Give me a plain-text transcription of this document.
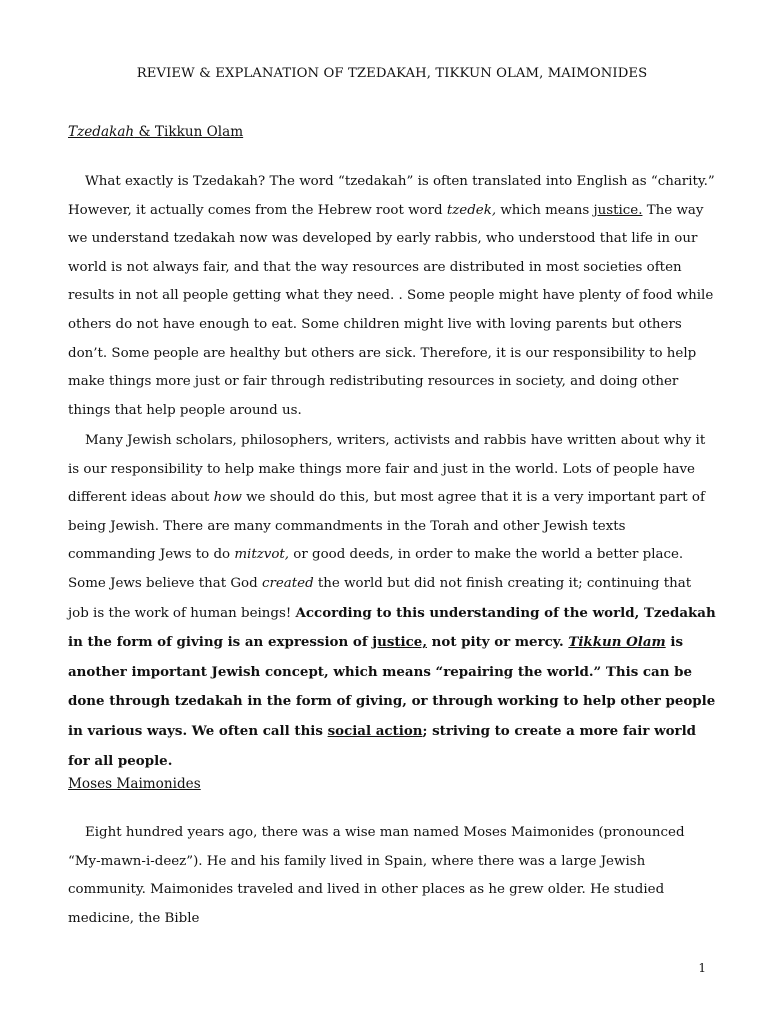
REVIEW & EXPLANATION OF TZEDAKAH, TIKKUN OLAM, MAIMONIDES
Tzedakah & Tikkun Olam

What exactly is Tzedakah? The word “tzedakah” is often translated into English as “charity.” However, it actually comes from the Hebrew root word tzedek, which means justice. The way we understand tzedakah now was developed by early rabbis, who understood that life in our world is not always fair, and that the way resources are distributed in most societies often results in not all people getting what they need. . Some people might have plenty of food while others do not have enough to eat. Some children might live with loving parents but others don’t. Some people are healthy but others are sick. Therefore, it is our responsibility to help make things more just or fair through redistributing resources in society, and doing other things that help people around us.

Many Jewish scholars, philosophers, writers, activists and rabbis have written about why it is our responsibility to help make things more fair and just in the world. Lots of people have different ideas about how we should do this, but most agree that it is a very important part of being Jewish. There are many commandments in the Torah and other Jewish texts commanding Jews to do mitzvot, or good deeds, in order to make the world a better place. Some Jews believe that God created the world but did not finish creating it; continuing that job is the work of human beings! According to this understanding of the world, Tzedakah in the form of giving is an expression of justice, not pity or mercy. Tikkun Olam is another important Jewish concept, which means “repairing the world.” This can be done through tzedakah in the form of giving, or through working to help other people in various ways. We often call this social action; striving to create a more fair world for all people.

Moses Maimonides

Eight hundred years ago, there was a wise man named Moses Maimonides (pronounced “My-mawn-i-deez”). He and his family lived in Spain, where there was a large Jewish community. Maimonides traveled and lived in other places as he grew older. He studied medicine, the Bible

1
